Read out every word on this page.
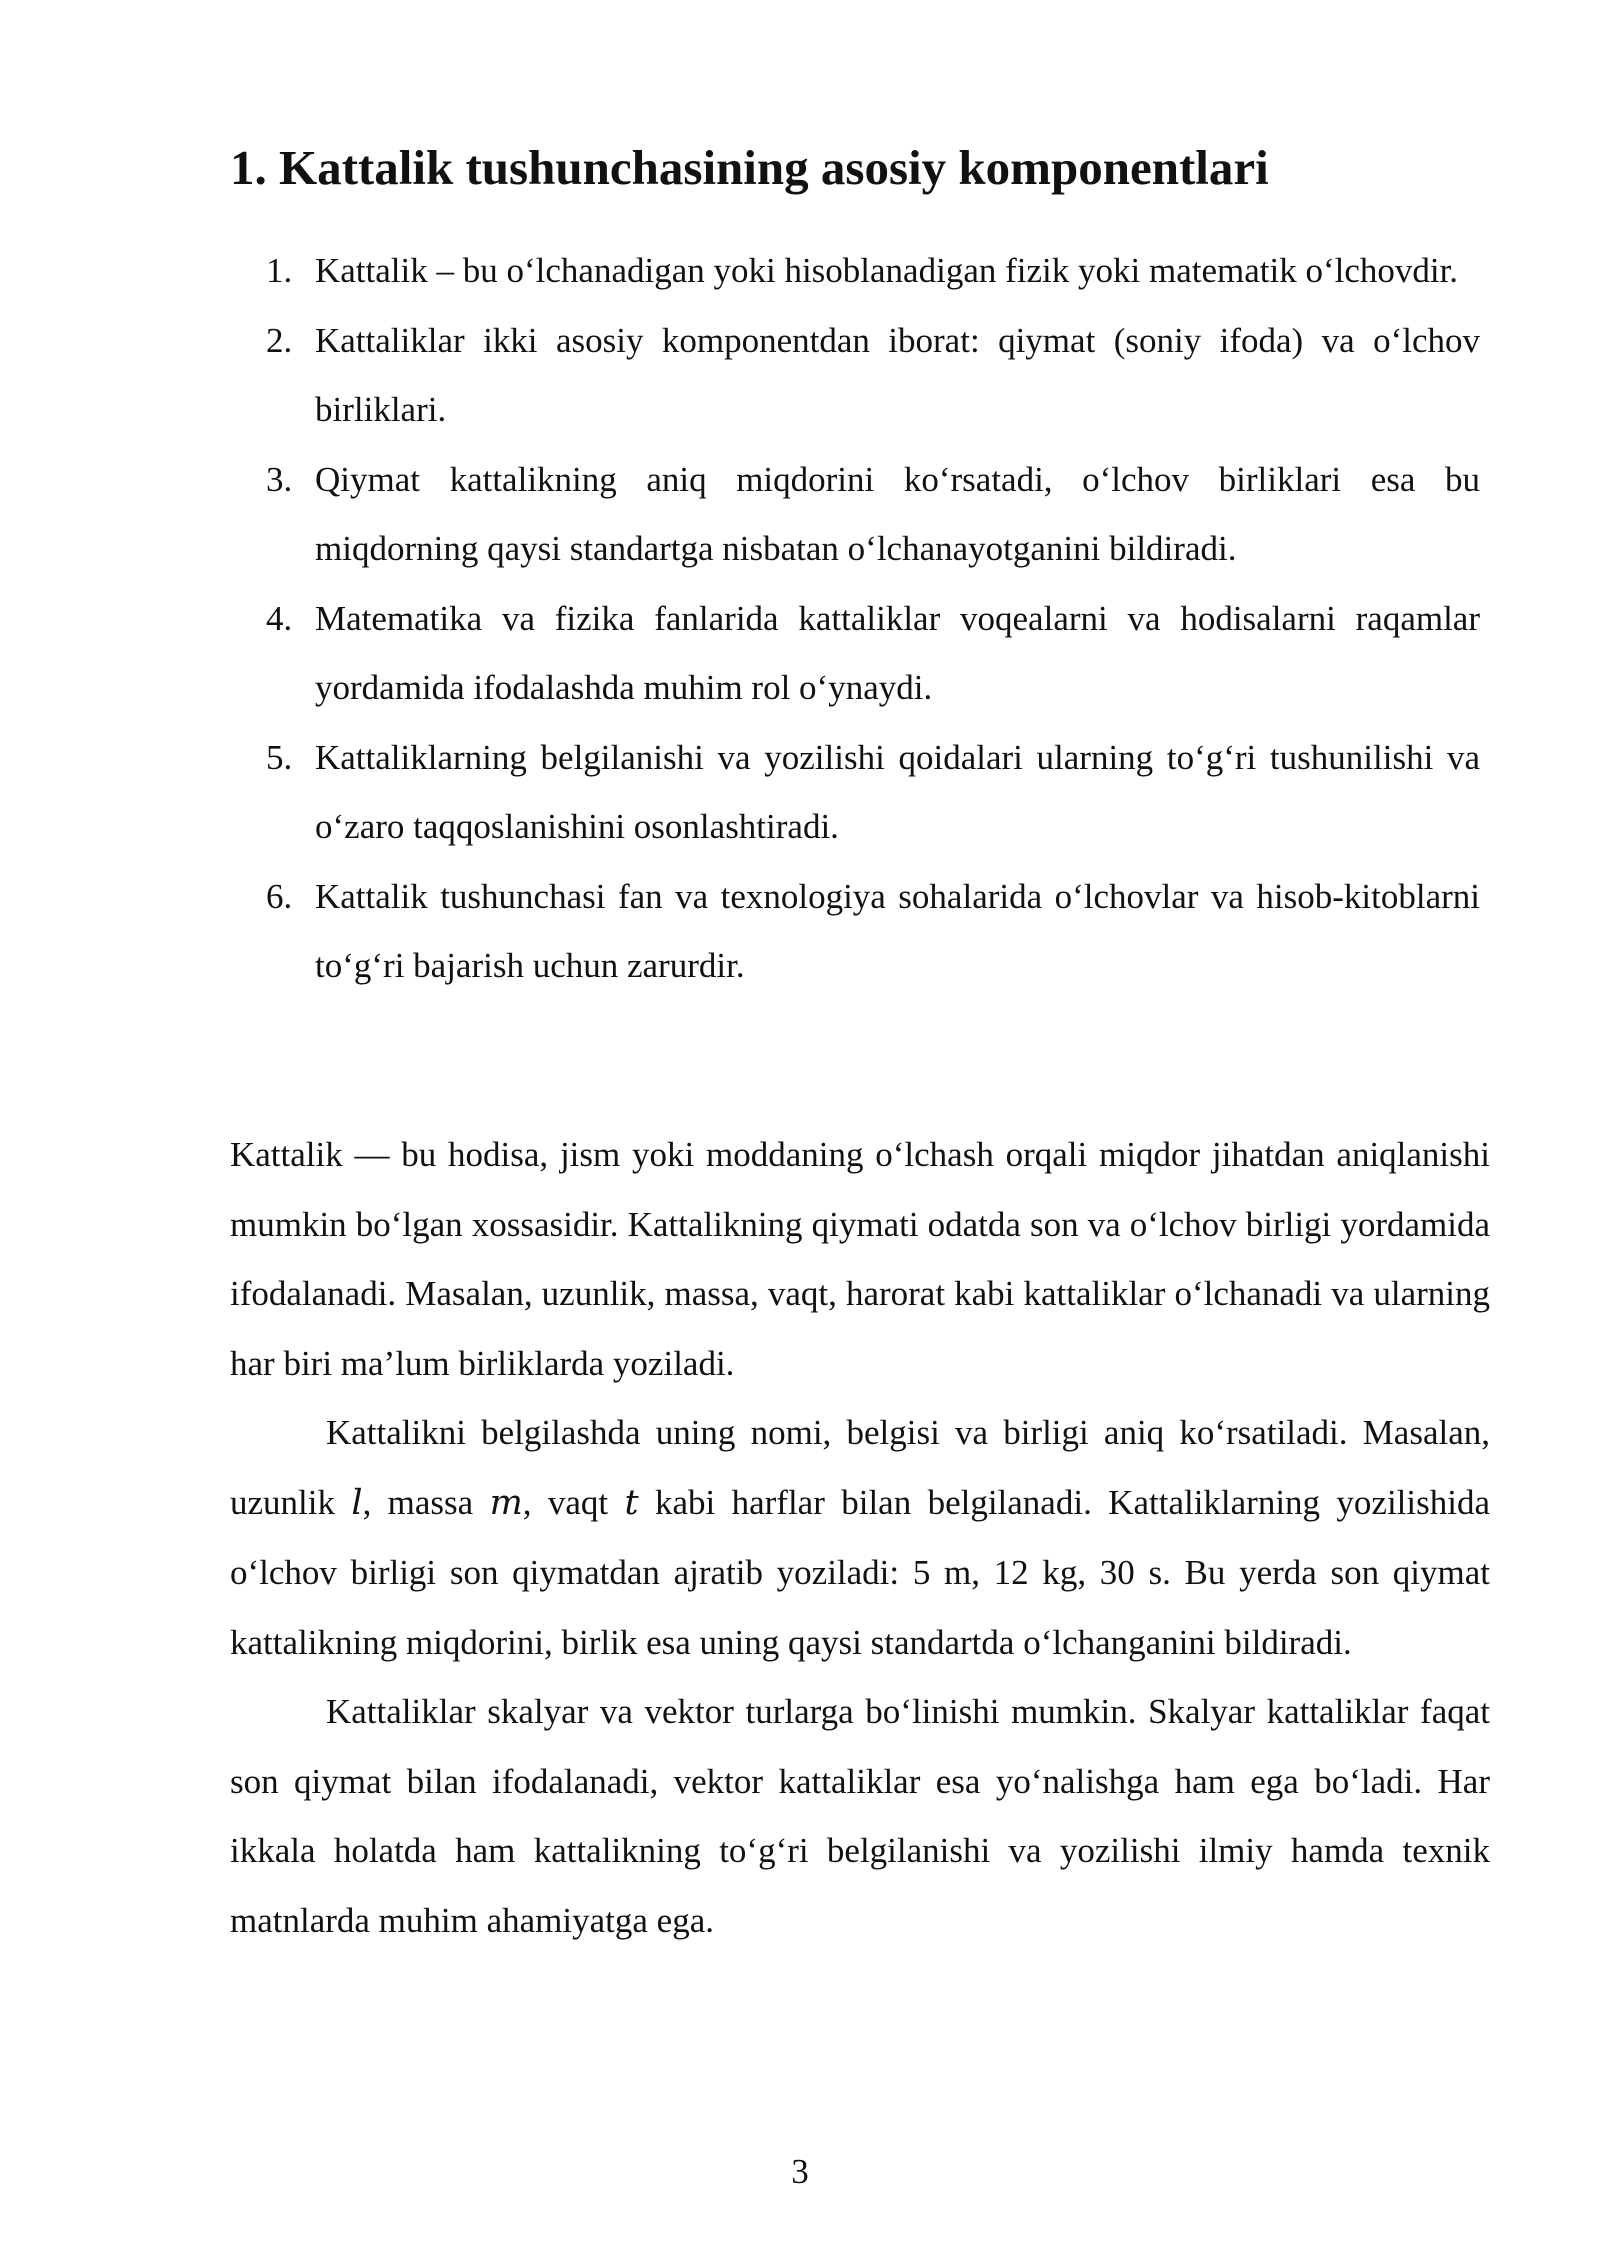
1. Kattalik tushunchasining asosiy komponentlari
1. Kattalik – bu o‘lchanadigan yoki hisoblanadigan fizik yoki matematik o‘lchovdir.
2. Kattaliklar ikki asosiy komponentdan iborat: qiymat (soniy ifoda) va o‘lchov birliklari.
3. Qiymat kattalikning aniq miqdorini ko‘rsatadi, o‘lchov birliklari esa bu miqdorning qaysi standartga nisbatan o‘lchanayotganini bildiradi.
4. Matematika va fizika fanlarida kattaliklar voqealarni va hodisalarni raqamlar yordamida ifodalashda muhim rol o‘ynaydi.
5. Kattaliklarning belgilanishi va yozilishi qoidalari ularning to‘g‘ri tushunilishi va o‘zaro taqqoslanishini osonlashtiradi.
6. Kattalik tushunchasi fan va texnologiya sohalarida o‘lchovlar va hisob-kitoblarni to‘g‘ri bajarish uchun zarurdir.

Kattalik — bu hodisa, jism yoki moddaning o‘lchash orqali miqdor jihatdan aniqlanishi mumkin bo‘lgan xossasidir. Kattalikning qiymati odatda son va o‘lchov birligi yordamida ifodalanadi. Masalan, uzunlik, massa, vaqt, harorat kabi kattaliklar o‘lchanadi va ularning har biri ma’lum birliklarda yoziladi.

Kattalikni belgilashda uning nomi, belgisi va birligi aniq ko‘rsatiladi. Masalan, uzunlik l, massa m, vaqt t kabi harflar bilan belgilanadi. Kattaliklarning yozilishida o‘lchov birligi son qiymatdan ajratib yoziladi: 5 m, 12 kg, 30 s. Bu yerda son qiymat kattalikning miqdorini, birlik esa uning qaysi standartda o‘lchanganini bildiradi.

Kattaliklar skalyar va vektor turlarga bo‘linishi mumkin. Skalyar kattaliklar faqat son qiymat bilan ifodalanadi, vektor kattaliklar esa yo‘nalishga ham ega bo‘ladi. Har ikkala holatda ham kattalikning to‘g‘ri belgilanishi va yozilishi ilmiy hamda texnik matnlarda muhim ahamiyatga ega.

3
